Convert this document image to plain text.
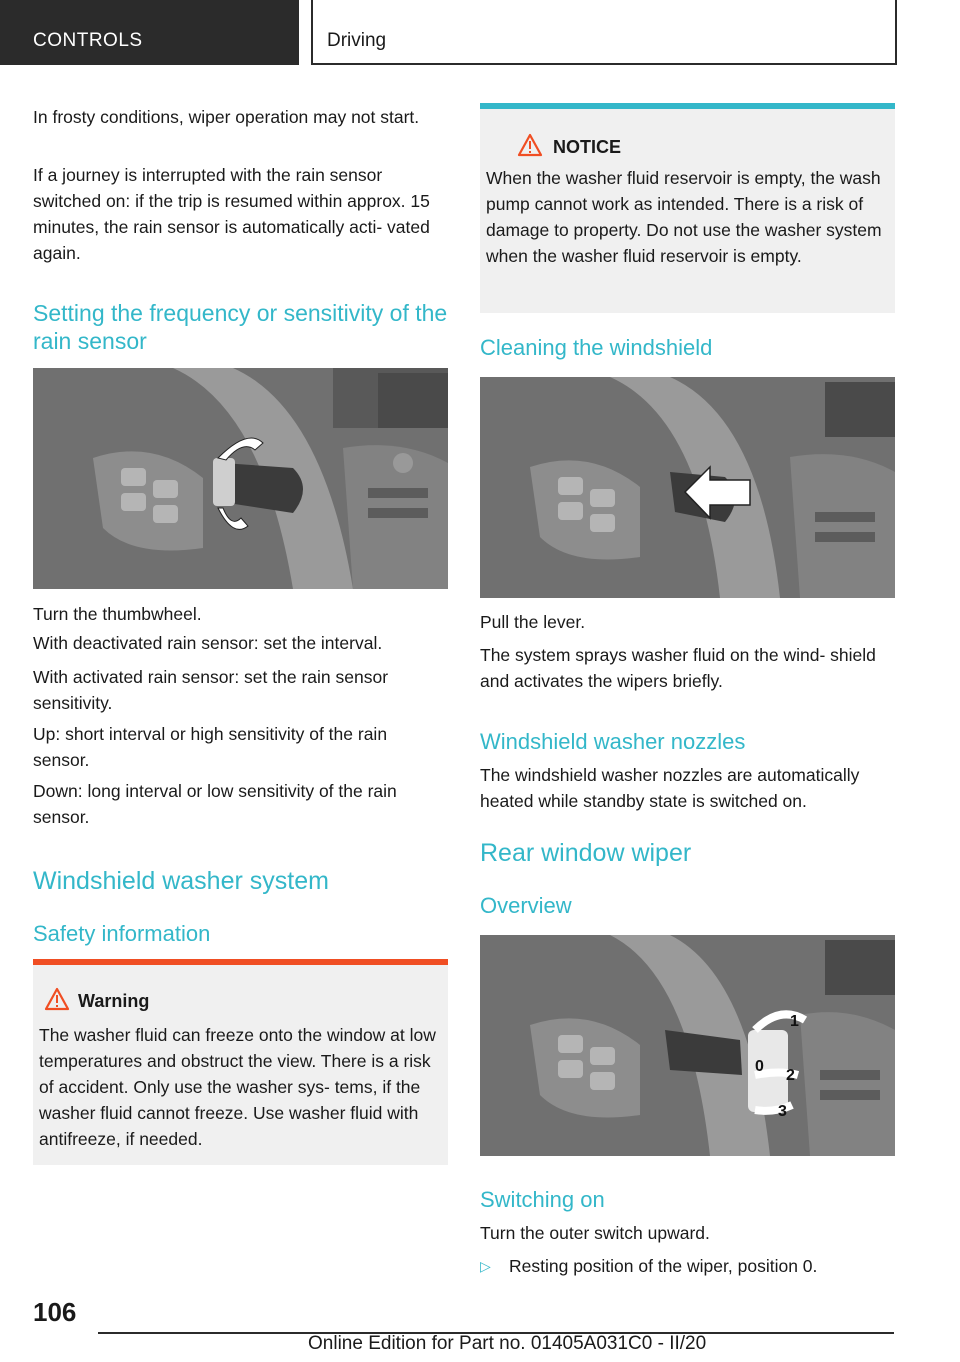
CONTROLS	Driving

In frosty conditions, wiper operation may not start.

If a journey is interrupted with the rain sensor switched on: if the trip is resumed within approx. 15 minutes, the rain sensor is automatically acti‐ vated again.

Setting the frequency or sensitivity of the rain sensor

Turn the thumbwheel.

With deactivated rain sensor: set the interval.

With activated rain sensor: set the rain sensor sensitivity.

Up: short interval or high sensitivity of the rain sensor.

Down: long interval or low sensitivity of the rain sensor.

Windshield washer system
Safety information
Warning

The washer fluid can freeze onto the window at low temperatures and obstruct the view. There is a risk of accident. Only use the washer sys‐ tems, if the washer fluid cannot freeze. Use washer fluid with antifreeze, if needed.

NOTICE

When the washer fluid reservoir is empty, the wash pump cannot work as intended. There is a risk of damage to property. Do not use the washer system when the washer fluid reservoir is empty.

Cleaning the windshield

Pull the lever.

The system sprays washer fluid on the wind‐ shield and activates the wipers briefly.

Windshield washer nozzles

The windshield washer nozzles are automatically heated while standby state is switched on.

Rear window wiper
Overview
0
1
2
3
Switching on

Turn the outer switch upward.

▷ Resting position of the wiper, position 0.
106
Online Edition for Part no. 01405A031C0 - II/20
